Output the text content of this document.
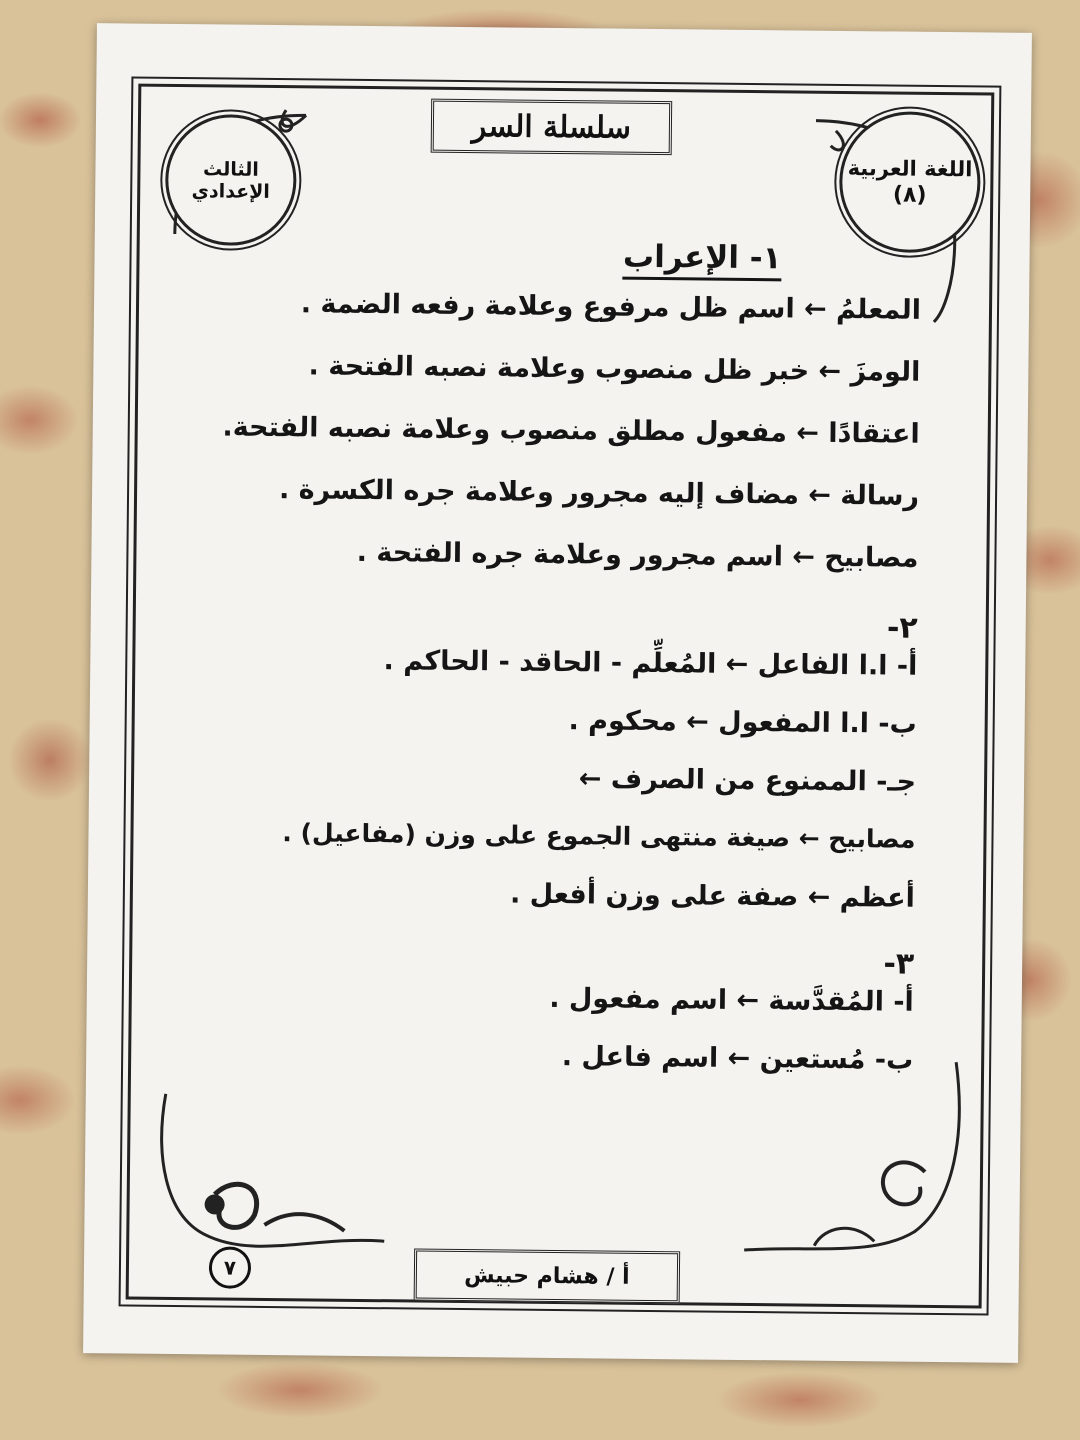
الثالث الإعدادي
سلسلة السر
اللغة العربية
(٨)
١- الإعراب
المعلمُ ← اسم ظل مرفوع وعلامة رفعه الضمة .
الومزَ ← خبر ظل منصوب وعلامة نصبه الفتحة .
اعتقادًا ← مفعول مطلق منصوب وعلامة نصبه الفتحة.
رسالة ← مضاف إليه مجرور وعلامة جره الكسرة .
مصابيح ← اسم مجرور وعلامة جره الفتحة .
٢-
أ- ا.ا الفاعل ← المُعلِّم - الحاقد - الحاكم .
ب- ا.ا المفعول ← محكوم .
جـ- الممنوع من الصرف ←
مصابيح ← صيغة منتهى الجموع على وزن (مفاعيل) .
أعظم ← صفة على وزن أفعل .
٣-
أ- المُقدَّسة ← اسم مفعول .
ب- مُستعين ← اسم فاعل .
٧	أ / هشام حبيش
